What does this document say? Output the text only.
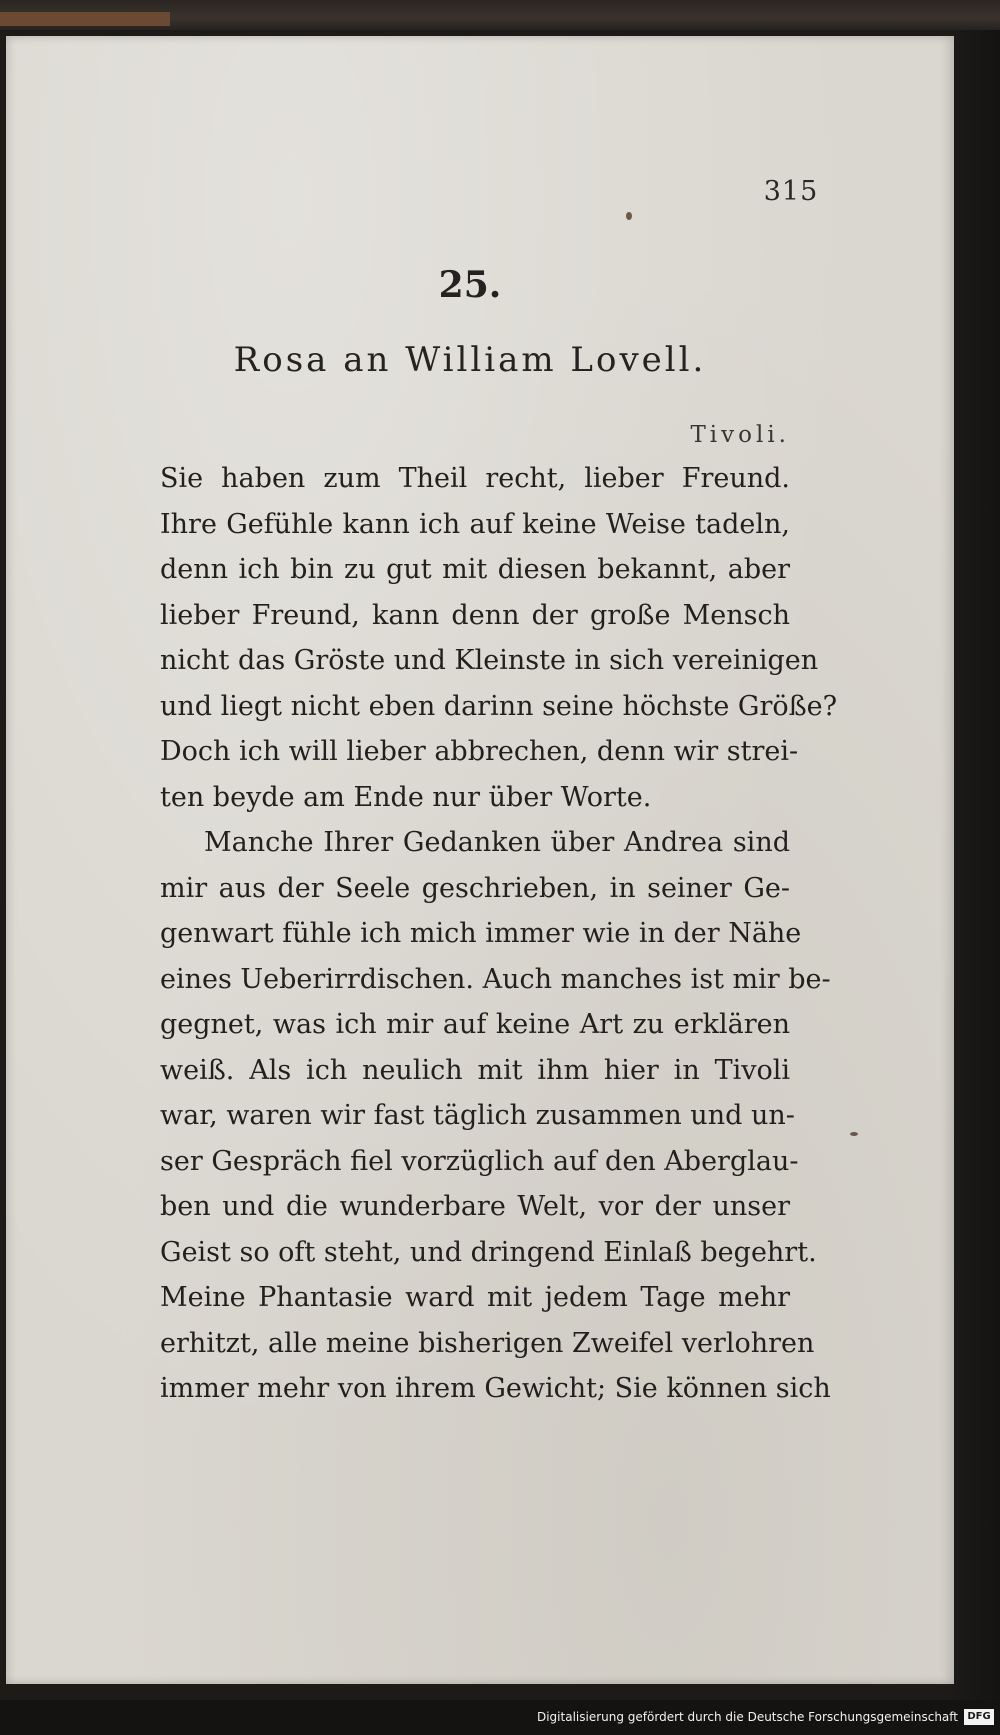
315
25.
Rosa an William Lovell.
Tivoli.
Sie haben zum Theil recht, lieber Freund.
Ihre Gefühle kann ich auf keine Weise tadeln,
denn ich bin zu gut mit diesen bekannt, aber
lieber Freund, kann denn der große Mensch
nicht das Gröste und Kleinste in sich vereinigen
und liegt nicht eben darinn seine höchste Größe?
Doch ich will lieber abbrechen, denn wir strei-
ten beyde am Ende nur über Worte.
Manche Ihrer Gedanken über Andrea sind
mir aus der Seele geschrieben, in seiner Ge-
genwart fühle ich mich immer wie in der Nähe
eines Ueberirrdischen. Auch manches ist mir be-
gegnet, was ich mir auf keine Art zu erklären
weiß. Als ich neulich mit ihm hier in Tivoli
war, waren wir fast täglich zusammen und un-
ser Gespräch fiel vorzüglich auf den Aberglau-
ben und die wunderbare Welt, vor der unser
Geist so oft steht, und dringend Einlaß begehrt.
Meine Phantasie ward mit jedem Tage mehr
erhitzt, alle meine bisherigen Zweifel verlohren
immer mehr von ihrem Gewicht; Sie können sich
Digitalisierung gefördert durch die Deutsche Forschungsgemeinschaft DFG
